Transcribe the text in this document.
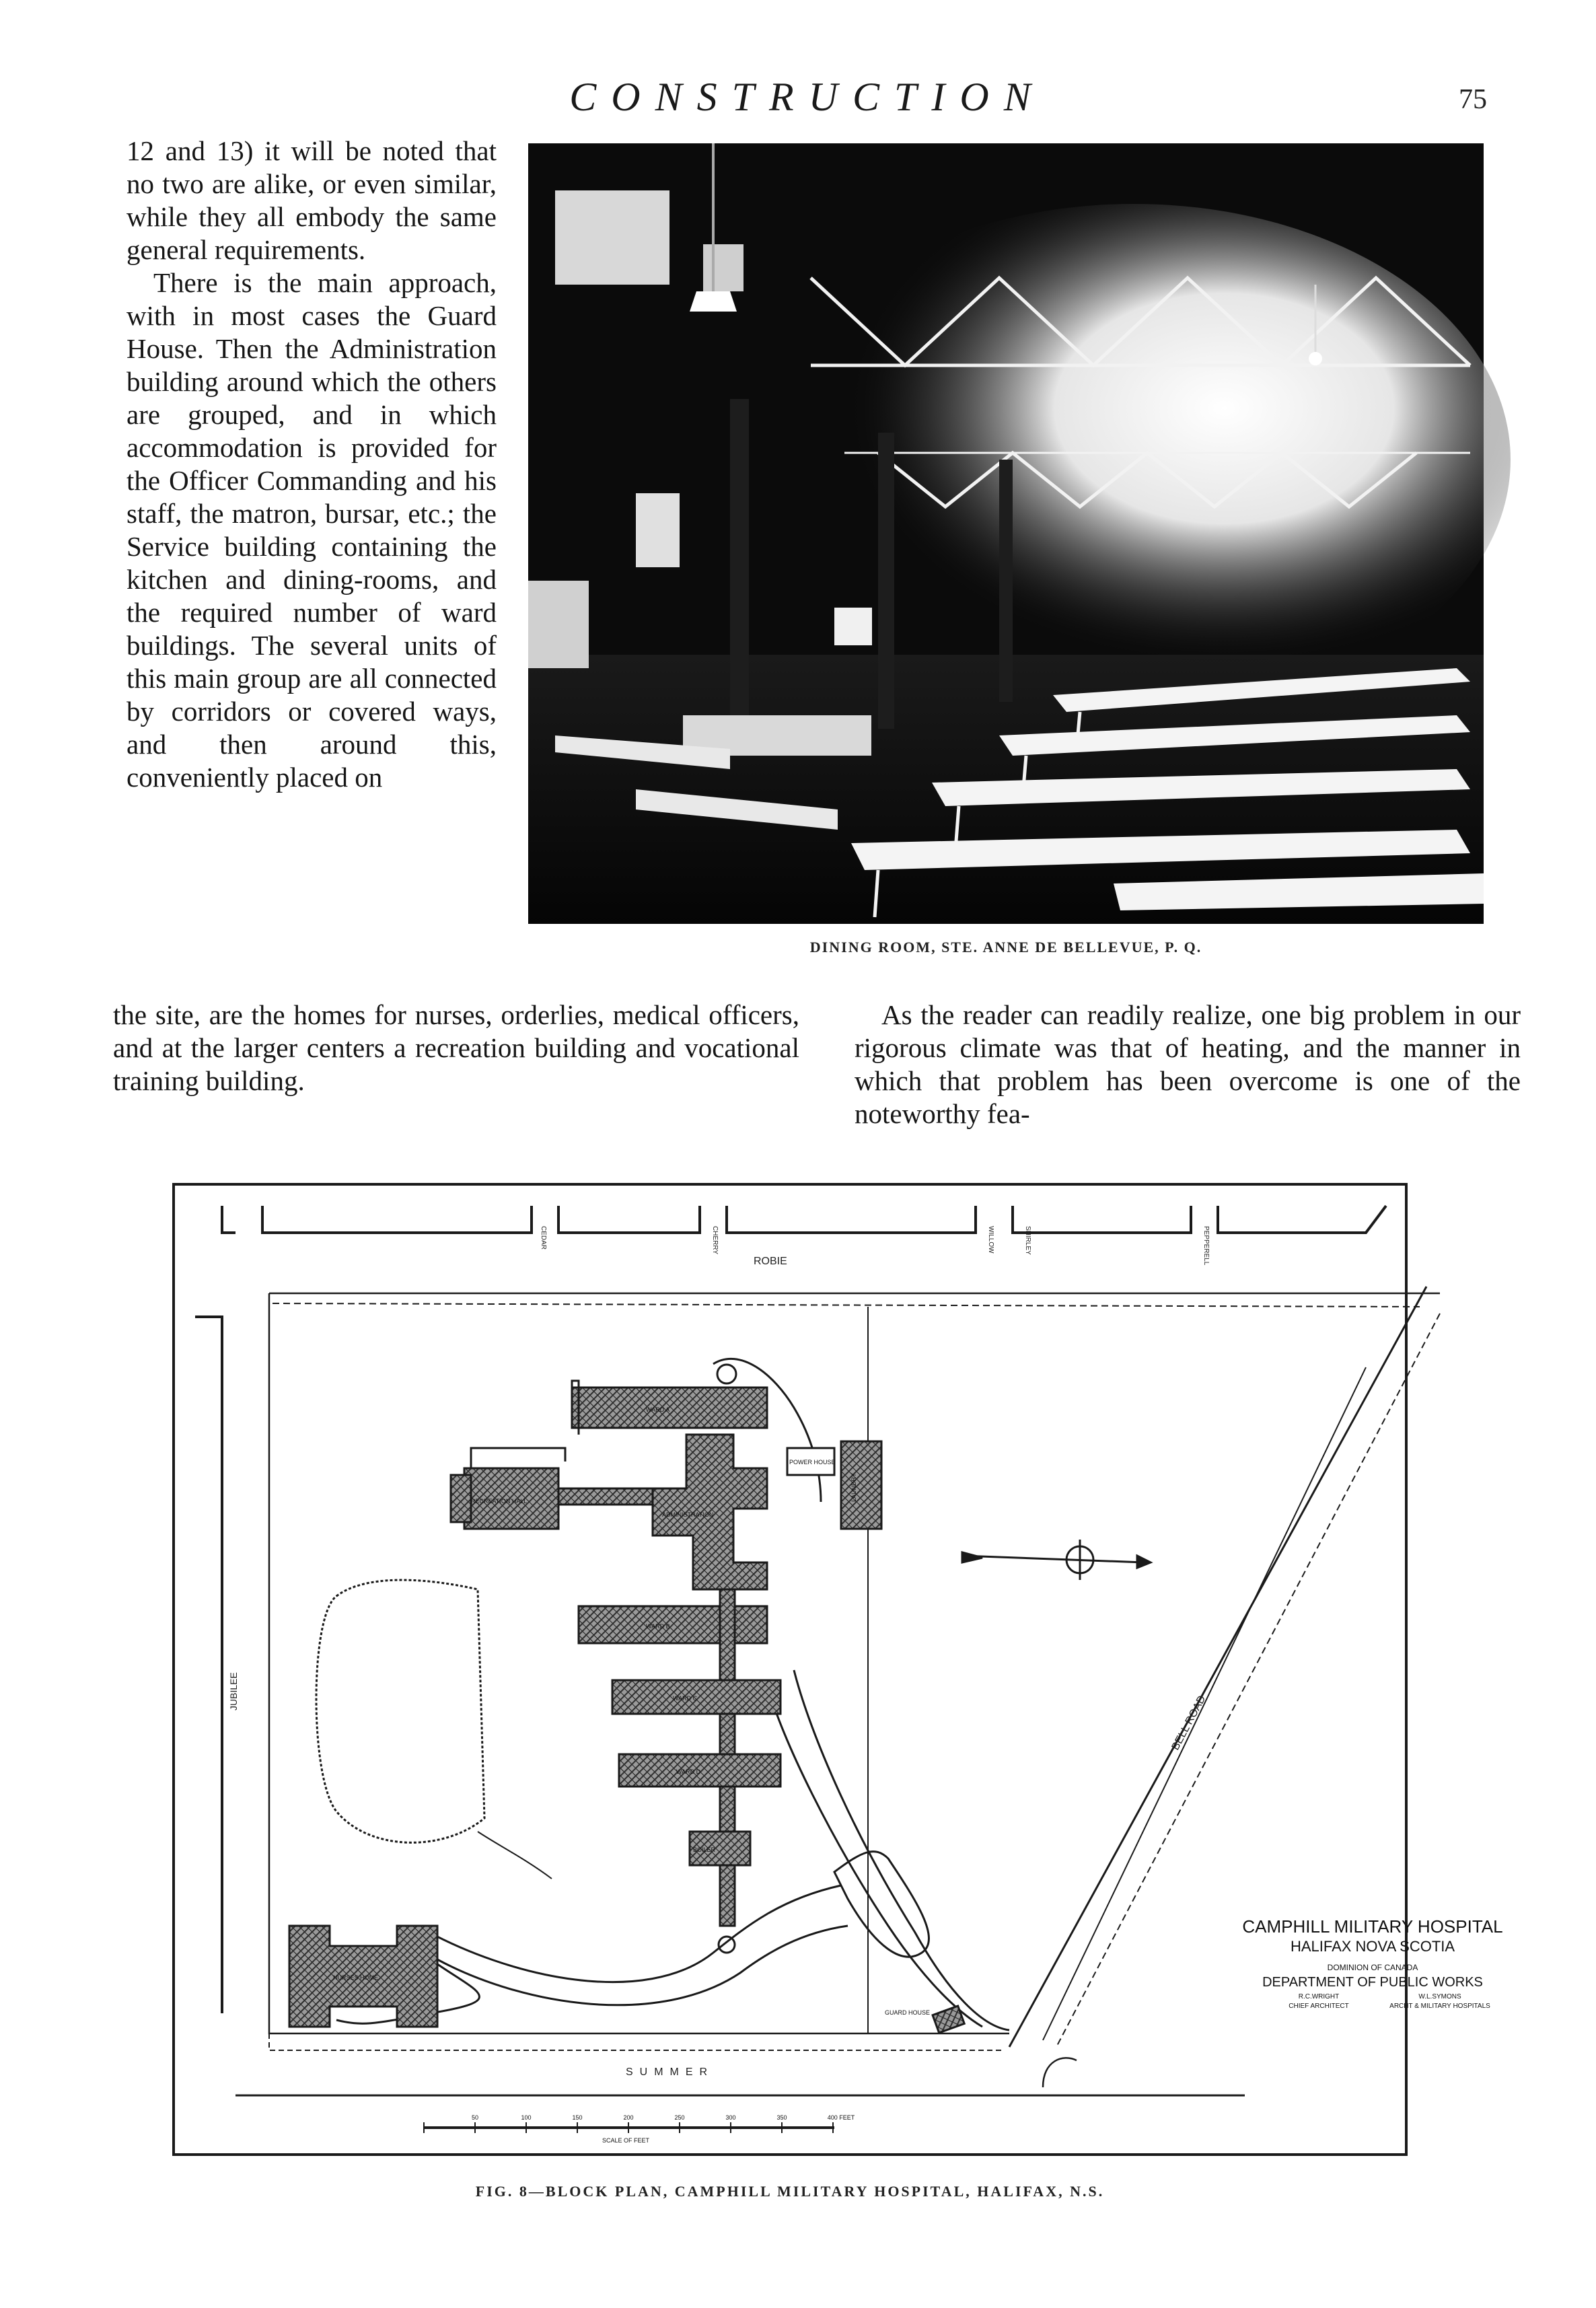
CONSTRUCTION	75

12 and 13) it will be noted that no two are alike, or even similar, while they all embody the same general requirements.

There is the main approach, with in most cases the Guard House. Then the Administration building around which the others are grouped, and in which accommodation is provided for the Officer Commanding and his staff, the matron, bursar, etc.; the Service building containing the kitchen and dining-rooms, and the required number of ward buildings. The several units of this main group are all connected by corridors or covered ways, and then around this, conveniently placed on

DINING ROOM, STE. ANNE DE BELLEVUE, P. Q.

the site, are the homes for nurses, orderlies, medical officers, and at the larger centers a recreation building and vocational training building.

As the reader can readily realize, one big problem in our rigorous climate was that of heating, and the manner in which that problem has been overcome is one of the noteworthy fea-

CEDAR	CHERRY	WILLOW	SHIRLEY	PEPPERELL
ROBIE
JUBILEE
BELL ROAD
SUMMER
WARD A
ADMINISTRATION
RECREATION HALL
POWER HOUSE
LAUNDRY
WARD B
WARD C
WARD D
BOILER
NURSES HOME
GUARD HOUSE
CAMPHILL MILITARY HOSPITAL
HALIFAX NOVA SCOTIA
DOMINION OF CANADA
DEPARTMENT OF PUBLIC WORKS
R.C.WRIGHT
CHIEF ARCHITECT
W.L.SYMONS
ARCHT & MILITARY HOSPITALS
50	100	150	200	250	300	350	400 FEET
SCALE OF FEET
FIG. 8—BLOCK PLAN, CAMPHILL MILITARY HOSPITAL, HALIFAX, N.S.
